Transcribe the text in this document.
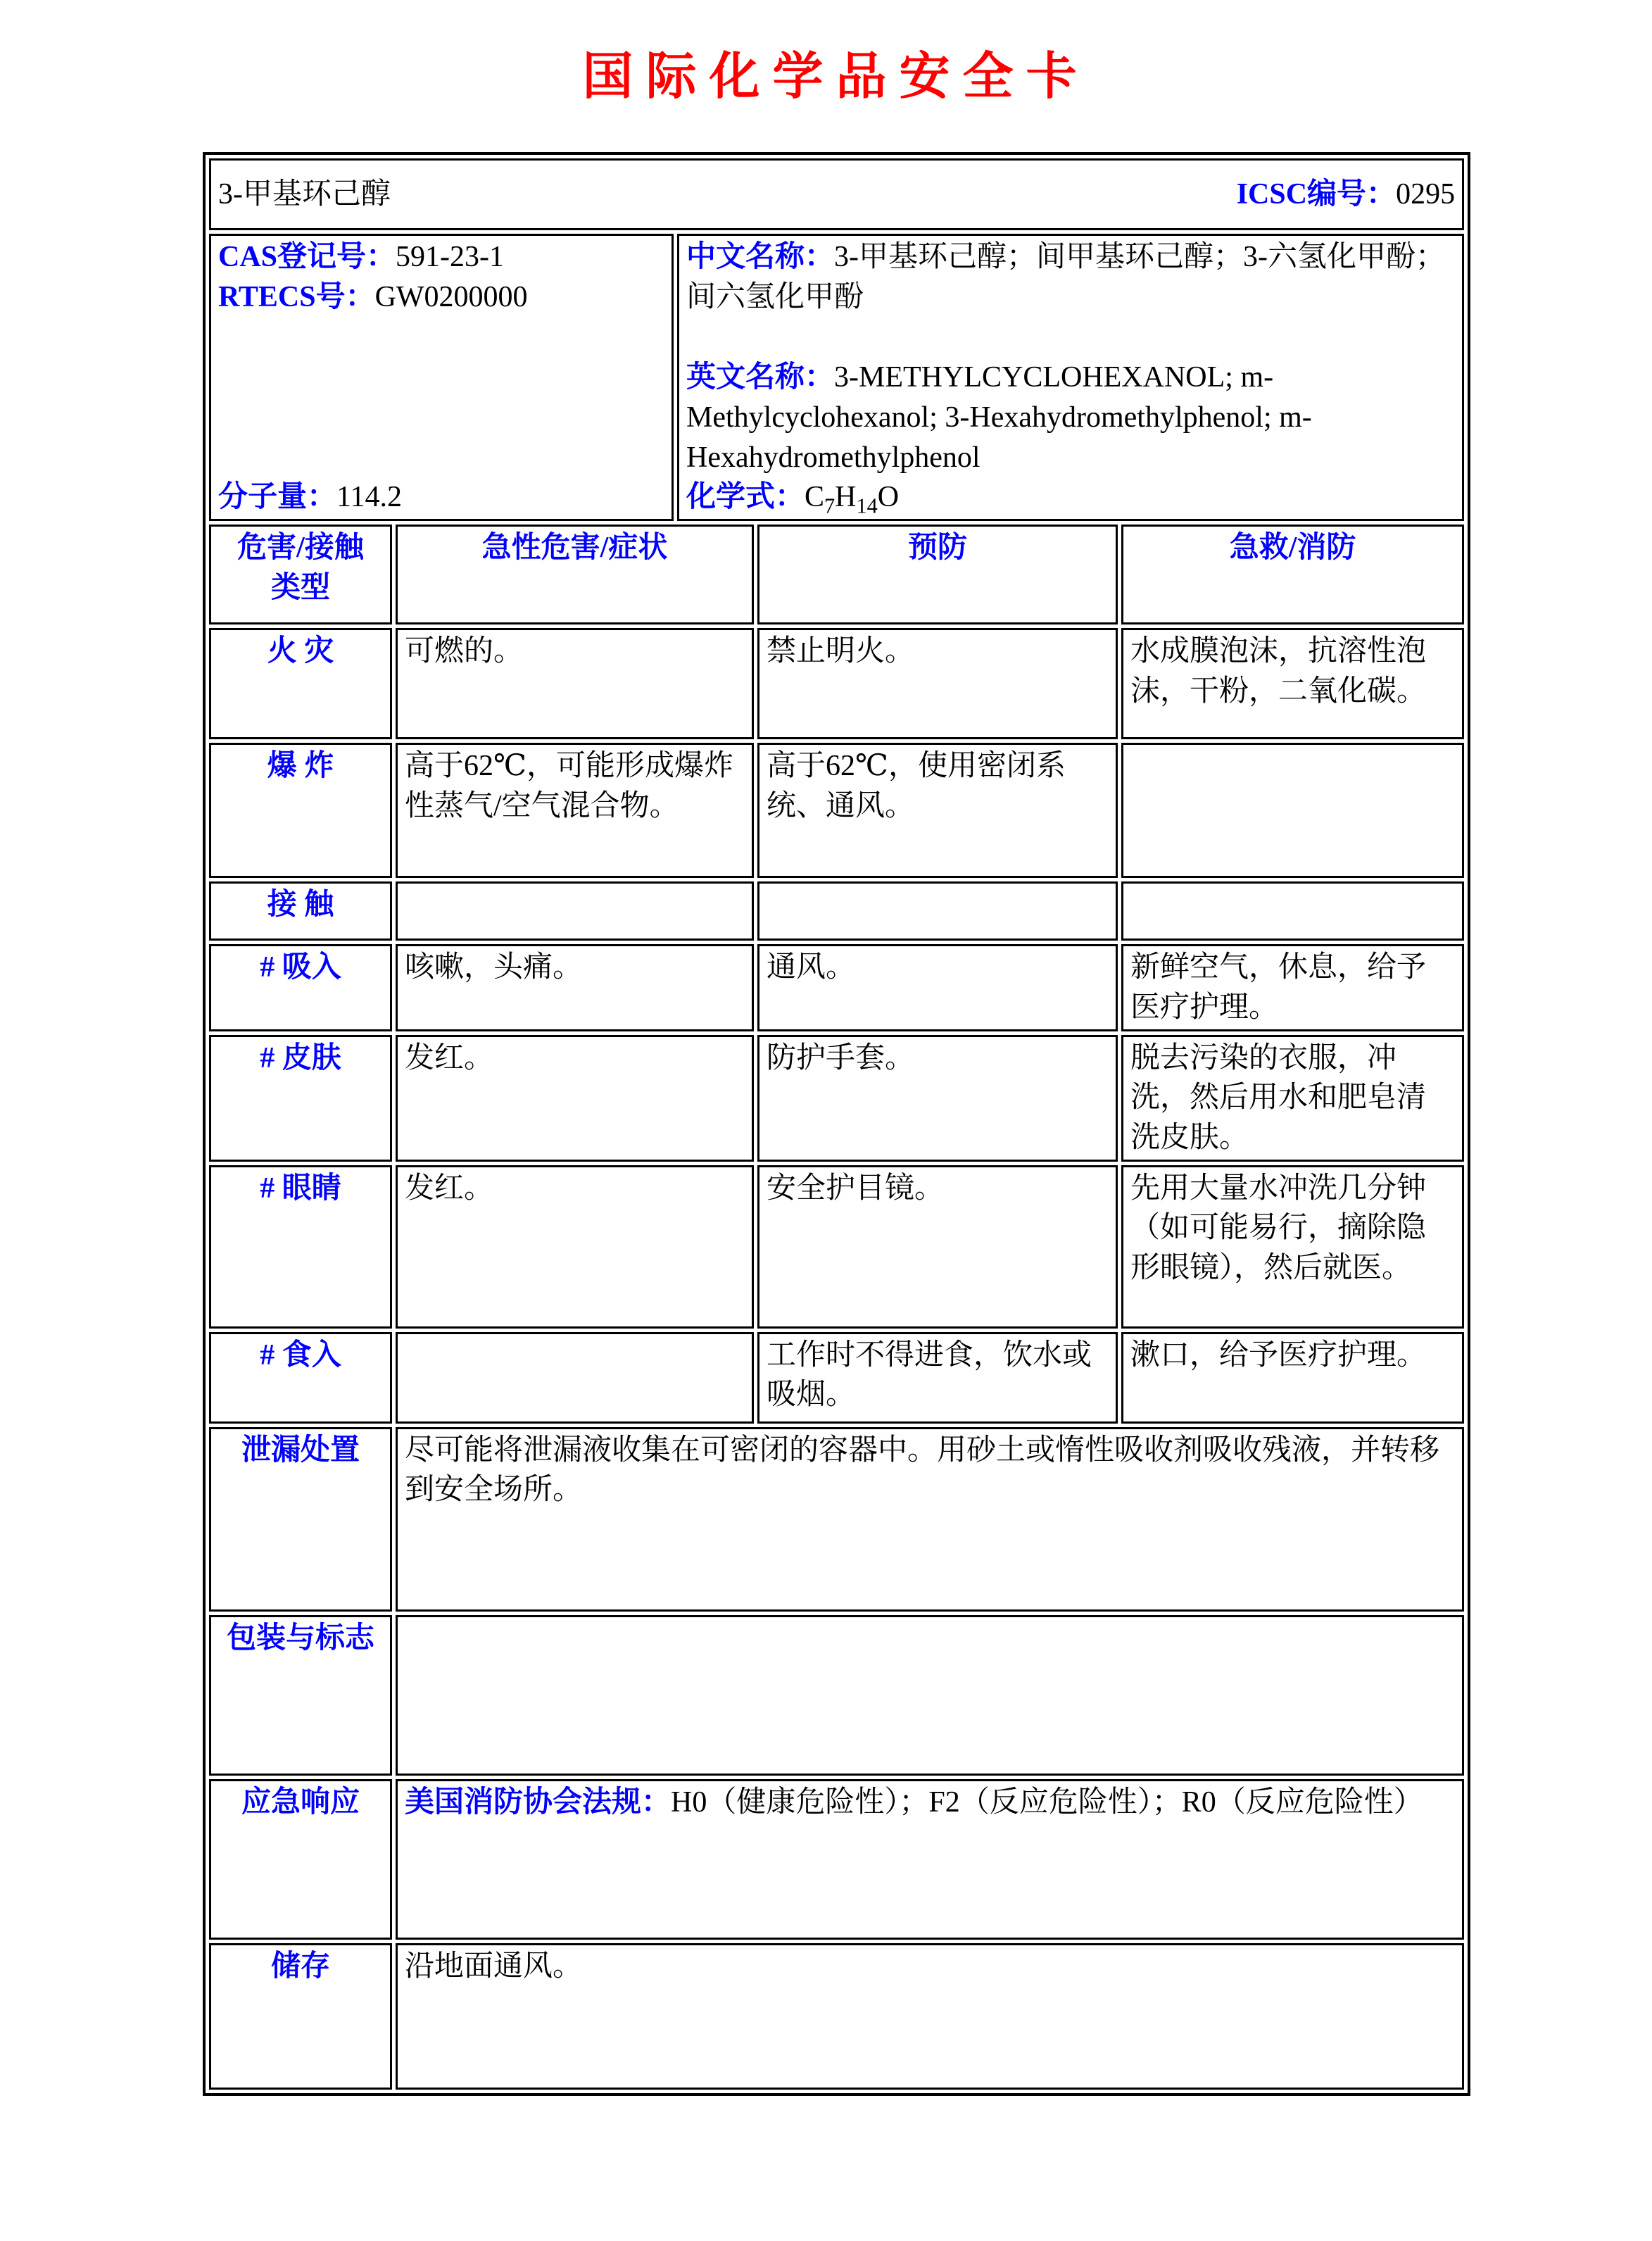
国际化学品安全卡
3-甲基环己醇 ICSC编号：0295				

CAS登记号：591-23-1
RTECS号：GW0200000
分子量：114.2

中文名称：3-甲基环己醇；间甲基环己醇；3-六氢化甲酚；间六氢化甲酚
英文名称：3-METHYLCYCLOHEXANOL; m-Methylcyclohexanol; 3-Hexahydromethylphenol; m-Hexahydromethylphenol
化学式：$C_7H_{14}O$

危害/接触
类型	急性危害/症状		预防	急救/消防
火 灾	可燃的。		禁止明火。	水成膜泡沫，抗溶性泡沫，干粉，二氧化碳。
爆 炸	高于62℃，可能形成爆炸性蒸气/空气混合物。		高于62℃，使用密闭系统、通风。	
接 触				
# 吸入	咳嗽，头痛。		通风。	新鲜空气，休息，给予医疗护理。
# 皮肤	发红。		防护手套。	脱去污染的衣服，冲洗，然后用水和肥皂清洗皮肤。
# 眼睛	发红。		安全护目镜。	先用大量水冲洗几分钟（如可能易行，摘除隐形眼镜），然后就医。
# 食入			工作时不得进食，饮水或吸烟。	漱口，给予医疗护理。
泄漏处置	尽可能将泄漏液收集在可密闭的容器中。用砂土或惰性吸收剂吸收残液，并转移到安全场所。			
包装与标志				
应急响应	美国消防协会法规：H0（健康危险性）；F2（反应危险性）；R0（反应危险性）			
储存	沿地面通风。			
